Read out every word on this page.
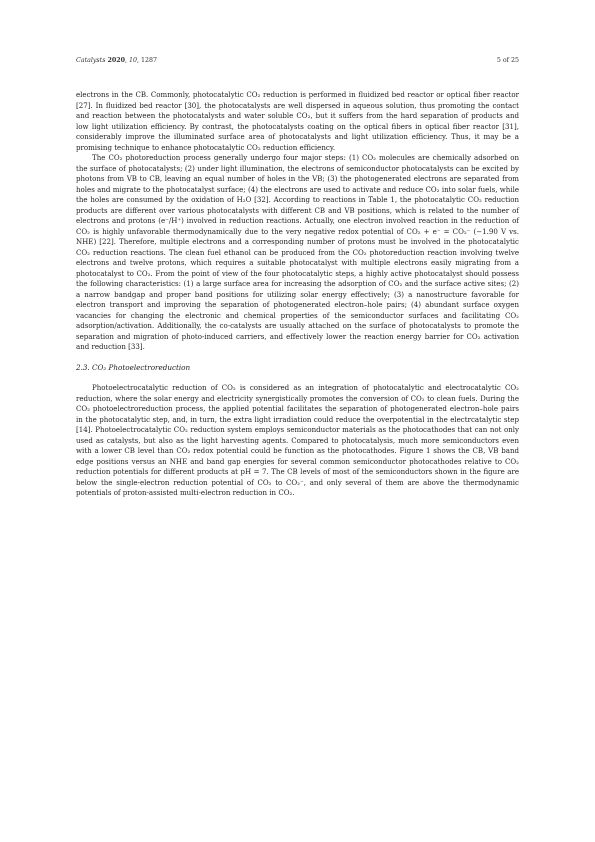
Catalysts 2020, 10, 1287	5 of 25

electrons in the CB. Commonly, photocatalytic CO₂ reduction is performed in fluidized bed reactor or optical fiber reactor [27]. In fluidized bed reactor [30], the photocatalysts are well dispersed in aqueous solution, thus promoting the contact and reaction between the photocatalysts and water soluble CO₂, but it suffers from the hard separation of products and low light utilization efficiency. By contrast, the photocatalysts coating on the optical fibers in optical fiber reactor [31], considerably improve the illuminated surface area of photocatalysts and light utilization efficiency. Thus, it may be a promising technique to enhance photocatalytic CO₂ reduction efficiency.

The CO₂ photoreduction process generally undergo four major steps: (1) CO₂ molecules are chemically adsorbed on the surface of photocatalysts; (2) under light illumination, the electrons of semiconductor photocatalysts can be excited by photons from VB to CB, leaving an equal number of holes in the VB; (3) the photogenerated electrons are separated from holes and migrate to the photocatalyst surface; (4) the electrons are used to activate and reduce CO₂ into solar fuels, while the holes are consumed by the oxidation of H₂O [32]. According to reactions in Table 1, the photocatalytic CO₂ reduction products are different over various photocatalysts with different CB and VB positions, which is related to the number of electrons and protons (e⁻/H⁺) involved in reduction reactions. Actually, one electron involved reaction in the reduction of CO₂ is highly unfavorable thermodynamically due to the very negative redox potential of CO₂ + e⁻ = CO₂⁻ (−1.90 V vs. NHE) [22]. Therefore, multiple electrons and a corresponding number of protons must be involved in the photocatalytic CO₂ reduction reactions. The clean fuel ethanol can be produced from the CO₂ photoreduction reaction involving twelve electrons and twelve protons, which requires a suitable photocatalyst with multiple electrons easily migrating from a photocatalyst to CO₂. From the point of view of the four photocatalytic steps, a highly active photocatalyst should possess the following characteristics: (1) a large surface area for increasing the adsorption of CO₂ and the surface active sites; (2) a narrow bandgap and proper band positions for utilizing solar energy effectively; (3) a nanostructure favorable for electron transport and improving the separation of photogenerated electron–hole pairs; (4) abundant surface oxygen vacancies for changing the electronic and chemical properties of the semiconductor surfaces and facilitating CO₂ adsorption/activation. Additionally, the co-catalysts are usually attached on the surface of photocatalysts to promote the separation and migration of photo-induced carriers, and effectively lower the reaction energy barrier for CO₂ activation and reduction [33].

2.3. CO₂ Photoelectroreduction

Photoelectrocatalytic reduction of CO₂ is considered as an integration of photocatalytic and electrocatalytic CO₂ reduction, where the solar energy and electricity synergistically promotes the conversion of CO₂ to clean fuels. During the CO₂ photoelectroreduction process, the applied potential facilitates the separation of photogenerated electron–hole pairs in the photocatalytic step, and, in turn, the extra light irradiation could reduce the overpotential in the electrcatalytic step [14]. Photoelectrocatalytic CO₂ reduction system employs semiconductor materials as the photocathodes that can not only used as catalysts, but also as the light harvesting agents. Compared to photocatalysis, much more semiconductors even with a lower CB level than CO₂ redox potential could be function as the photocathodes. Figure 1 shows the CB, VB band edge positions versus an NHE and band gap energies for several common semiconductor photocathodes relative to CO₂ reduction potentials for different products at pH = 7. The CB levels of most of the semiconductors shown in the figure are below the single-electron reduction potential of CO₂ to CO₂⁻, and only several of them are above the thermodynamic potentials of proton-assisted multi-electron reduction in CO₂.
